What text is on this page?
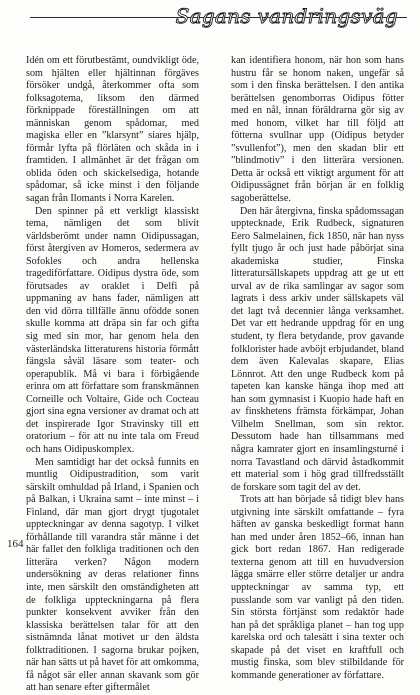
Sagans vandringsväg

Idén om ett förutbestämt, oundvikligt öde, som hjälten eller hjältinnan förgäves försöker undgå, återkommer ofta som folksagotema, liksom den därmed förknippade föreställningen om att människan genom spådomar, med magiska eller en ”klarsynt” siares hjälp, förmår lyfta på flörläten och skåda in i framtiden. I allmänhet är det frågan om oblida öden och skickelsediga, hotande spådomar, så icke minst i den följande sagan från Ilomants i Norra Karelen.

Den spinner på ett verkligt klassiskt tema, nämligen det som blivit världsberömt under namn Oidipussagan, först återgiven av Homeros, sedermera av Sofokles och andra hellenska tragediförfattare. Oidipus dystra öde, som förutsades av oraklet i Delfi på uppmaning av hans fader, nämligen att den vid dörra tillfälle ännu ofödde sonen skulle komma att dräpa sin far och gifta sig med sin mor, har genom hela den västerländska litteraturens historia förmått fängsla såväl läsare som teater- och operapublik. Må vi bara i förbigående erinra om att författare som franskmännen Corneille och Voltaire, Gide och Cocteau gjort sina egna versioner av dramat och att det inspirerade Igor Stravinsky till ett oratorium – för att nu inte tala om Freud och hans Oidipuskomplex.

Men samtidigt har det också funnits en muntlig Oidipustradition, som varit särskilt omhuldad på Irland, i Spanien och på Balkan, i Ukraina samt – inte minst – i Finland, där man gjort drygt tjugotalet uppteckningar av denna sagotyp. I vilket förhållande till varandra står männe i det här fallet den folkliga traditionen och den litterära verken? Någon modern undersökning av deras relationer finns inte, men särskilt den omständigheten att de folkliga uppteckningarna på flera punkter konsekvent avviker från den klassiska berättelsen talar för att den sistnämnda lånat motivet ur den äldsta folktraditionen. I sagorna brukar pojken, när han sätts ut på havet för att omkomma, få något sär eller annan skavank som gör att han senare efter giftermålet

kan identifiera honom, när hon som hans hustru får se honom naken, ungefär så som i den finska berättelsen. I den antika berättelsen genomborras Oidipus fötter med en nål, innan föräldrarna gör sig av med honom, vilket har till följd att fötterna svullnar upp (Oidipus betyder ”svullenfot”), men den skadan blir ett ”blindmotiv” i den litterära versionen. Detta är också ett viktigt argument för att Oidipussägnet från början är en folklig sagoberättelse.

Den här återgivna, finska spådomssagan upptecknade, Erik Rudbeck, signaturen Eero Salmelainen, fick 1850, när han nyss fyllt tjugo år och just hade påbörjat sina akademiska studier, Finska litteratursällskapets uppdrag att ge ut ett urval av de rika samlingar av sagor som lagrats i dess arkiv under sällskapets väl det lagt två decennier långa verksamhet. Det var ett hedrande uppdrag för en ung student, ty flera betydande, prov gavande folklorister hade avböjt erbjudandet, bland dem även Kalevalas skapare, Elias Lönnrot. Att den unge Rudbeck kom på tapeten kan kanske hänga ihop med att han som gymnasist i Kuopio hade haft en av finskhetens främsta förkämpar, Johan Vilhelm Snellman, som sin rektor. Dessutom hade han tillsammans med några kamrater gjort en insamlingsturné i norra Tavastland och därvid åstadkommit ett material som i hög grad tillfredsställt de forskare som tagit del av det.

Trots att han började så tidigt blev hans utgivning inte särskilt omfattande – fyra häften av ganska beskedligt format hann han med under åren 1852–66, innan han gick bort redan 1867. Han redigerade texterna genom att till en huvudversion lägga smärre eller större detaljer ur andra uppteckningar av samma typ, ett pusslande som var vanligt på den tiden. Sin största förtjänst som redaktör hade han på det språkliga planet – han tog upp karelska ord och talesätt i sina texter och skapade på det viset en kraftfull och mustig finska, som blev stilbildande för kommande generationer av författare.

164
